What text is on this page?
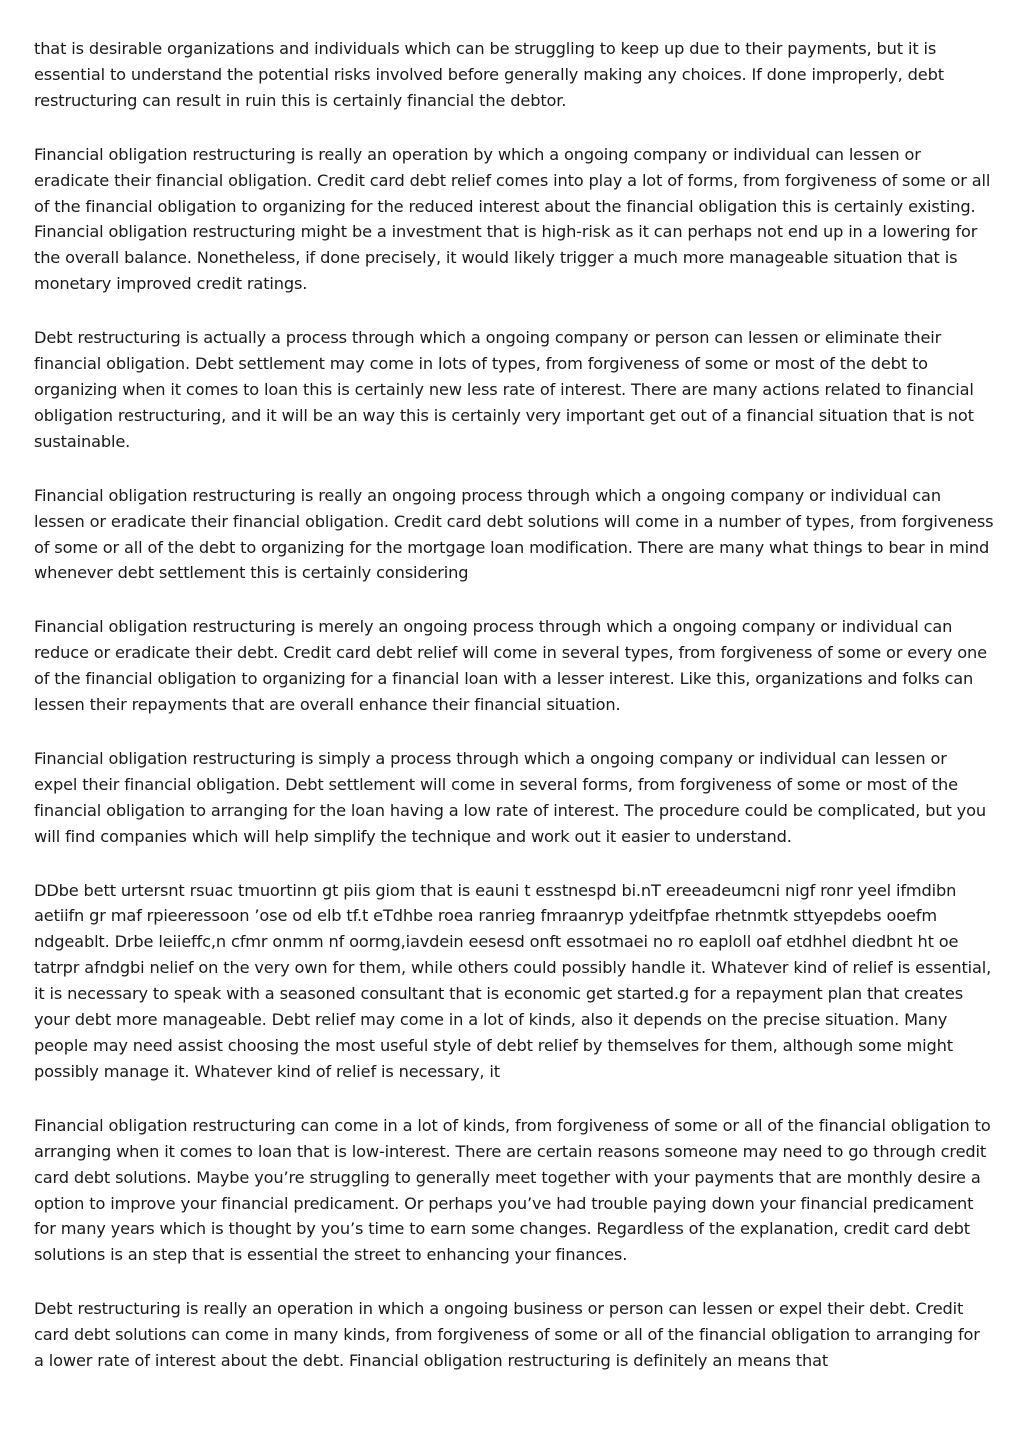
that is desirable organizations and individuals which can be struggling to keep up due to their payments, but it is essential to understand the potential risks involved before generally making any choices. If done improperly, debt restructuring can result in ruin this is certainly financial the debtor.

Financial obligation restructuring is really an operation by which a ongoing company or individual can lessen or eradicate their financial obligation. Credit card debt relief comes into play a lot of forms, from forgiveness of some or all of the financial obligation to organizing for the reduced interest about the financial obligation this is certainly existing. Financial obligation restructuring might be a investment that is high-risk as it can perhaps not end up in a lowering for the overall balance. Nonetheless, if done precisely, it would likely trigger a much more manageable situation that is monetary improved credit ratings.

Debt restructuring is actually a process through which a ongoing company or person can lessen or eliminate their financial obligation. Debt settlement may come in lots of types, from forgiveness of some or most of the debt to organizing when it comes to loan this is certainly new less rate of interest. There are many actions related to financial obligation restructuring, and it will be an way this is certainly very important get out of a financial situation that is not sustainable.

Financial obligation restructuring is really an ongoing process through which a ongoing company or individual can lessen or eradicate their financial obligation. Credit card debt solutions will come in a number of types, from forgiveness of some or all of the debt to organizing for the mortgage loan modification. There are many what things to bear in mind whenever debt settlement this is certainly considering

Financial obligation restructuring is merely an ongoing process through which a ongoing company or individual can reduce or eradicate their debt. Credit card debt relief will come in several types, from forgiveness of some or every one of the financial obligation to organizing for a financial loan with a lesser interest. Like this, organizations and folks can lessen their repayments that are overall enhance their financial situation.

Financial obligation restructuring is simply a process through which a ongoing company or individual can lessen or expel their financial obligation. Debt settlement will come in several forms, from forgiveness of some or most of the financial obligation to arranging for the loan having a low rate of interest. The procedure could be complicated, but you will find companies which will help simplify the technique and work out it easier to understand.

DDbe bett urtersnt rsuac tmuortinn gt piis giom that is eauni t esstnespd bi.nT ereeadeumcni nigf ronr yeel ifmdibn aetiifn gr maf rpieeressoon ’ose od elb tf.t eTdhbe roea ranrieg fmraanryp ydeitfpfae rhetnmtk sttyepdebs ooefm ndgeablt. Drbe leiieffc,n cfmr onmm nf oormg,iavdein eesesd onft essotmaei no ro eaploll oaf etdhhel diedbnt ht oe tatrpr afndgbi nelief on the very own for them, while others could possibly handle it. Whatever kind of relief is essential, it is necessary to speak with a seasoned consultant that is economic get started.g for a repayment plan that creates your debt more manageable. Debt relief may come in a lot of kinds, also it depends on the precise situation. Many people may need assist choosing the most useful style of debt relief by themselves for them, although some might possibly manage it. Whatever kind of relief is necessary, it

Financial obligation restructuring can come in a lot of kinds, from forgiveness of some or all of the financial obligation to arranging when it comes to loan that is low-interest. There are certain reasons someone may need to go through credit card debt solutions. Maybe you’re struggling to generally meet together with your payments that are monthly desire a option to improve your financial predicament. Or perhaps you’ve had trouble paying down your financial predicament for many years which is thought by you’s time to earn some changes. Regardless of the explanation, credit card debt solutions is an step that is essential the street to enhancing your finances.

Debt restructuring is really an operation in which a ongoing business or person can lessen or expel their debt. Credit card debt solutions can come in many kinds, from forgiveness of some or all of the financial obligation to arranging for a lower rate of interest about the debt. Financial obligation restructuring is definitely an means that
